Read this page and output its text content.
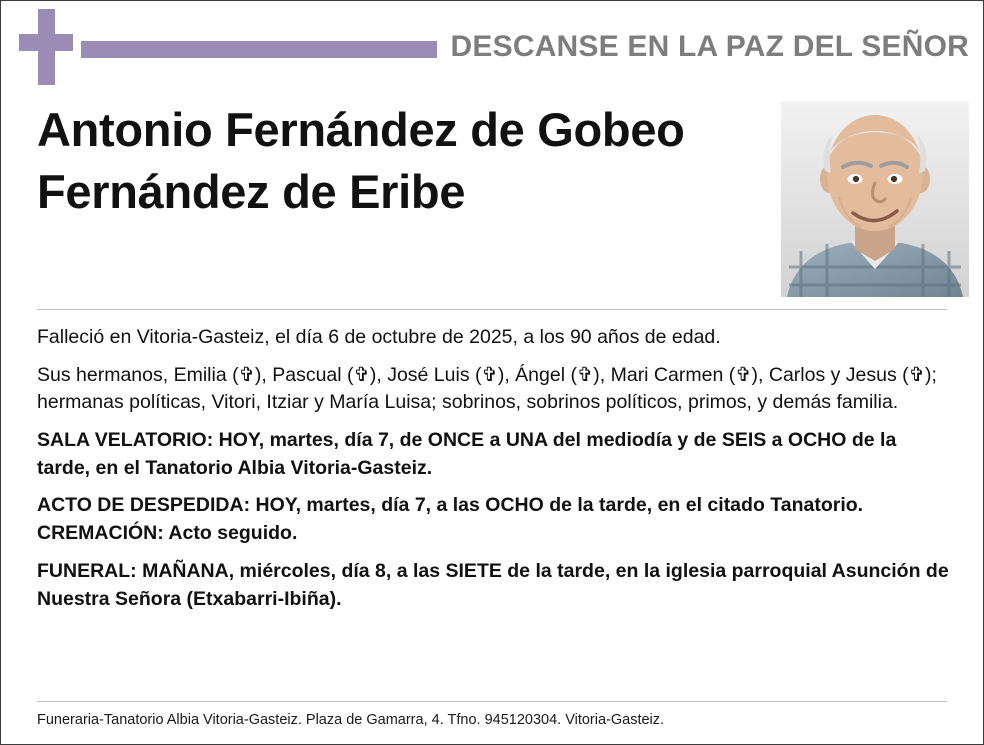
DESCANSE EN LA PAZ DEL SEÑOR
Antonio Fernández de Gobeo Fernández de Eribe

Falleció en Vitoria-Gasteiz, el día 6 de octubre de 2025, a los 90 años de edad.

Sus hermanos, Emilia (✞), Pascual (✞), José Luis (✞), Ángel (✞), Mari Carmen (✞), Carlos y Jesus (✞); hermanas políticas, Vitori, Itziar y María Luisa; sobrinos, sobrinos políticos, primos, y demás familia.

SALA VELATORIO: HOY, martes, día 7, de ONCE a UNA del mediodía y de SEIS a OCHO de la tarde, en el Tanatorio Albia Vitoria-Gasteiz.

ACTO DE DESPEDIDA: HOY, martes, día 7, a las OCHO de la tarde, en el citado Tanatorio. CREMACIÓN: Acto seguido.

FUNERAL: MAÑANA, miércoles, día 8, a las SIETE de la tarde, en la iglesia parroquial Asunción de Nuestra Señora (Etxabarri-Ibiña).

Funeraria-Tanatorio Albia Vitoria-Gasteiz. Plaza de Gamarra, 4. Tfno. 945120304. Vitoria-Gasteiz.
